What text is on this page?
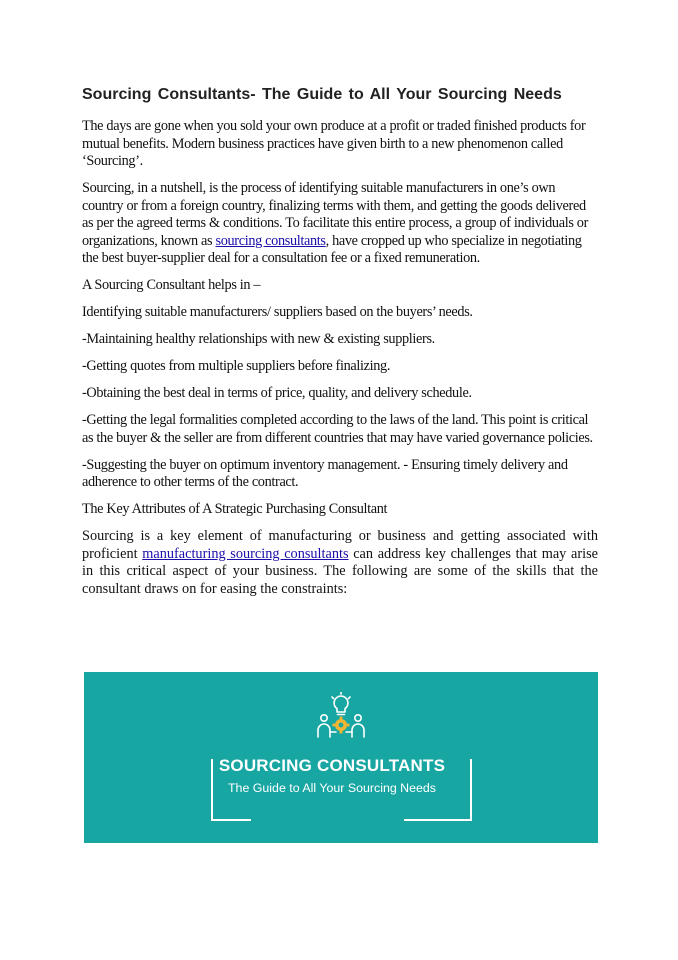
Sourcing Consultants- The Guide to All Your Sourcing Needs

The days are gone when you sold your own produce at a profit or traded finished products for mutual benefits. Modern business practices have given birth to a new phenomenon called ‘Sourcing’.

Sourcing, in a nutshell, is the process of identifying suitable manufacturers in one’s own country or from a foreign country, finalizing terms with them, and getting the goods delivered as per the agreed terms & conditions. To facilitate this entire process, a group of individuals or organizations, known as sourcing consultants, have cropped up who specialize in negotiating the best buyer-supplier deal for a consultation fee or a fixed remuneration.

A Sourcing Consultant helps in –

Identifying suitable manufacturers/ suppliers based on the buyers’ needs.

-Maintaining healthy relationships with new & existing suppliers.

-Getting quotes from multiple suppliers before finalizing.

-Obtaining the best deal in terms of price, quality, and delivery schedule.

-Getting the legal formalities completed according to the laws of the land. This point is critical as the buyer & the seller are from different countries that may have varied governance policies.

-Suggesting the buyer on optimum inventory management. - Ensuring timely delivery and adherence to other terms of the contract.

The Key Attributes of A Strategic Purchasing Consultant

Sourcing is a key element of manufacturing or business and getting associated with proficient manufacturing sourcing consultants can address key challenges that may arise in this critical aspect of your business. The following are some of the skills that the consultant draws on for easing the constraints:

SOURCING CONSULTANTS
The Guide to All Your Sourcing Needs
